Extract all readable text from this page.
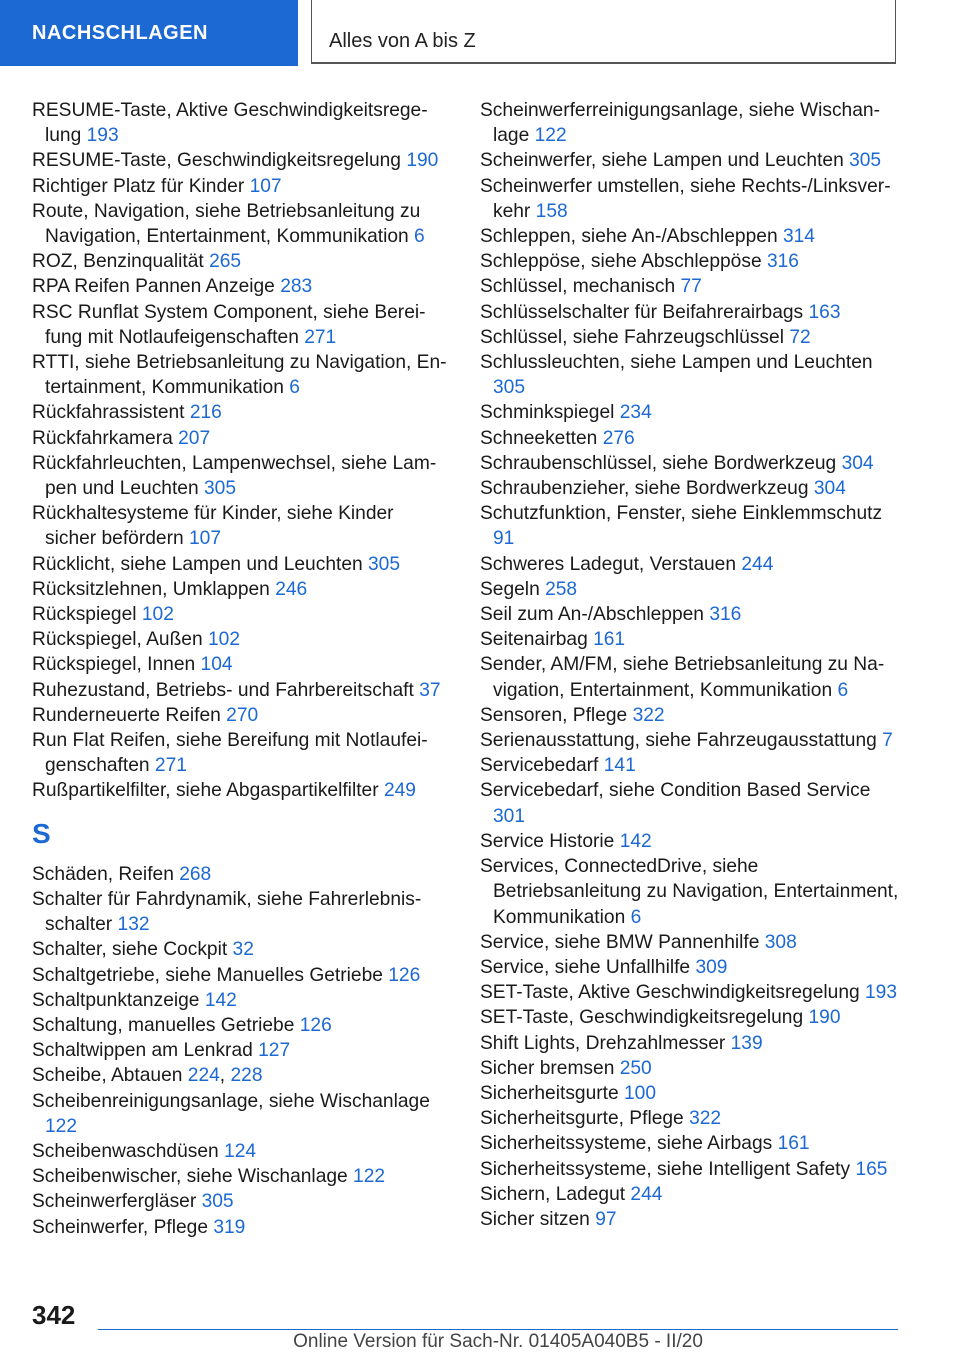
NACHSCHLAGEN	Alles von A bis Z
RESUME-Taste, Aktive Geschwindigkeitsregelung 193
RESUME-Taste, Geschwindigkeitsregelung 190
Richtiger Platz für Kinder 107
Route, Navigation, siehe Betriebsanleitung zu Navigation, Entertainment, Kommunikation 6
ROZ, Benzinqualität 265
RPA Reifen Pannen Anzeige 283
RSC Runflat System Component, siehe Bereifung mit Notlaufeigenschaften 271
RTTI, siehe Betriebsanleitung zu Navigation, Entertainment, Kommunikation 6
Rückfahrassistent 216
Rückfahrkamera 207
Rückfahrleuchten, Lampenwechsel, siehe Lampen und Leuchten 305
Rückhaltesysteme für Kinder, siehe Kinder sicher befördern 107
Rücklicht, siehe Lampen und Leuchten 305
Rücksitzlehnen, Umklappen 246
Rückspiegel 102
Rückspiegel, Außen 102
Rückspiegel, Innen 104
Ruhezustand, Betriebs- und Fahrbereitschaft 37
Runderneuerte Reifen 270
Run Flat Reifen, siehe Bereifung mit Notlaufeigenschaften 271
Rußpartikelfilter, siehe Abgaspartikelfilter 249
S
Schäden, Reifen 268
Schalter für Fahrdynamik, siehe Fahrerlebnisschalter 132
Schalter, siehe Cockpit 32
Schaltgetriebe, siehe Manuelles Getriebe 126
Schaltpunktanzeige 142
Schaltung, manuelles Getriebe 126
Schaltwippen am Lenkrad 127
Scheibe, Abtauen 224, 228
Scheibenreinigungsanlage, siehe Wischanlage 122
Scheibenwaschdüsen 124
Scheibenwischer, siehe Wischanlage 122
Scheinwerfergläser 305
Scheinwerfer, Pflege 319
Scheinwerferreinigungsanlage, siehe Wischanlage 122
Scheinwerfer, siehe Lampen und Leuchten 305
Scheinwerfer umstellen, siehe Rechts-/Linksverkehr 158
Schleppen, siehe An-/Abschleppen 314
Schleppöse, siehe Abschleppöse 316
Schlüssel, mechanisch 77
Schlüsselschalter für Beifahrerairbags 163
Schlüssel, siehe Fahrzeugschlüssel 72
Schlussleuchten, siehe Lampen und Leuchten 305
Schminkspiegel 234
Schneeketten 276
Schraubenschlüssel, siehe Bordwerkzeug 304
Schraubenzieher, siehe Bordwerkzeug 304
Schutzfunktion, Fenster, siehe Einklemmschutz 91
Schweres Ladegut, Verstauen 244
Segeln 258
Seil zum An-/Abschleppen 316
Seitenairbag 161
Sender, AM/FM, siehe Betriebsanleitung zu Navigation, Entertainment, Kommunikation 6
Sensoren, Pflege 322
Serienausstattung, siehe Fahrzeugausstattung 7
Servicebedarf 141
Servicebedarf, siehe Condition Based Service 301
Service Historie 142
Services, ConnectedDrive, siehe Betriebsanleitung zu Navigation, Entertainment, Kommunikation 6
Service, siehe BMW Pannenhilfe 308
Service, siehe Unfallhilfe 309
SET-Taste, Aktive Geschwindigkeitsregelung 193
SET-Taste, Geschwindigkeitsregelung 190
Shift Lights, Drehzahlmesser 139
Sicher bremsen 250
Sicherheitsgurte 100
Sicherheitsgurte, Pflege 322
Sicherheitssysteme, siehe Airbags 161
Sicherheitssysteme, siehe Intelligent Safety 165
Sichern, Ladegut 244
Sicher sitzen 97
342
Online Version für Sach-Nr. 01405A040B5 - II/20
